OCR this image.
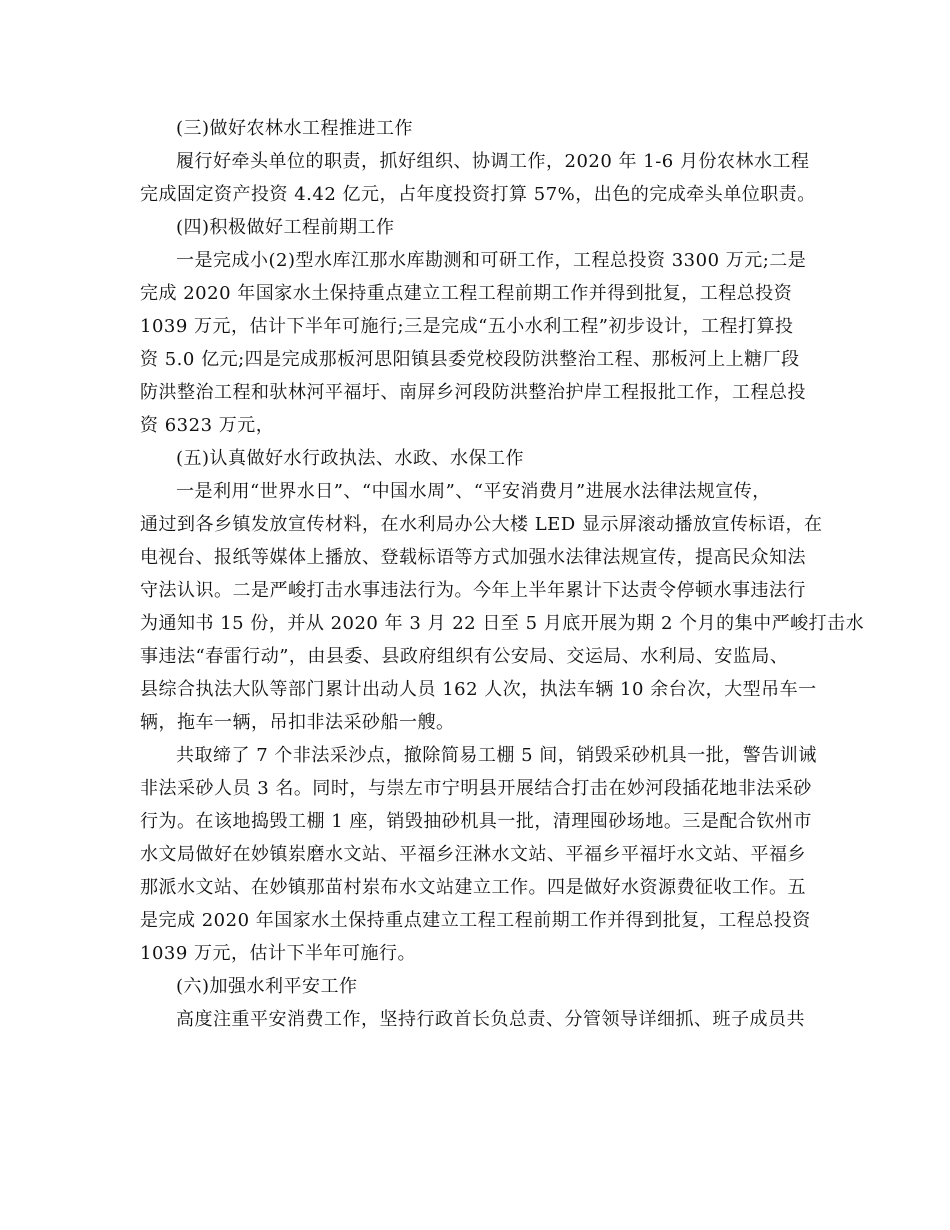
(三)做好农林水工程推进工作

履行好牵头单位的职责，抓好组织、协调工作，2020 年 1-6 月份农林水工程
完成固定资产投资 4.42 亿元，占年度投资打算 57%，出色的完成牵头单位职责。

(四)积极做好工程前期工作

一是完成小(2)型水库江那水库勘测和可研工作，工程总投资 3300 万元;二是
完成 2020 年国家水土保持重点建立工程工程前期工作并得到批复，工程总投资
1039 万元，估计下半年可施行;三是完成“五小水利工程”初步设计，工程打算投
资 5.0 亿元;四是完成那板河思阳镇县委党校段防洪整治工程、那板河上上糖厂段
防洪整治工程和驮林河平福圩、南屏乡河段防洪整治护岸工程报批工作，工程总投
资 6323 万元，

(五)认真做好水行政执法、水政、水保工作

一是利用“世界水日”、“中国水周”、“平安消费月”进展水法律法规宣传，
通过到各乡镇发放宣传材料，在水利局办公大楼 LED 显示屏滚动播放宣传标语，在
电视台、报纸等媒体上播放、登载标语等方式加强水法律法规宣传，提高民众知法
守法认识。二是严峻打击水事违法行为。今年上半年累计下达责令停顿水事违法行
为通知书 15 份，并从 2020 年 3 月 22 日至 5 月底开展为期 2 个月的集中严峻打击水
事违法“春雷行动”，由县委、县政府组织有公安局、交运局、水利局、安监局、
县综合执法大队等部门累计出动人员 162 人次，执法车辆 10 余台次，大型吊车一
辆，拖车一辆，吊扣非法采砂船一艘。

共取缔了 7 个非法采沙点，撤除简易工棚 5 间，销毁采砂机具一批，警告训诫
非法采砂人员 3 名。同时，与崇左市宁明县开展结合打击在妙河段插花地非法采砂
行为。在该地捣毁工棚 1 座，销毁抽砂机具一批，清理囤砂场地。三是配合钦州市
水文局做好在妙镇岽磨水文站、平福乡汪淋水文站、平福乡平福圩水文站、平福乡
那派水文站、在妙镇那苗村岽布水文站建立工作。四是做好水资源费征收工作。五
是完成 2020 年国家水土保持重点建立工程工程前期工作并得到批复，工程总投资
1039 万元，估计下半年可施行。

(六)加强水利平安工作

高度注重平安消费工作，坚持行政首长负总责、分管领导详细抓、班子成员共
